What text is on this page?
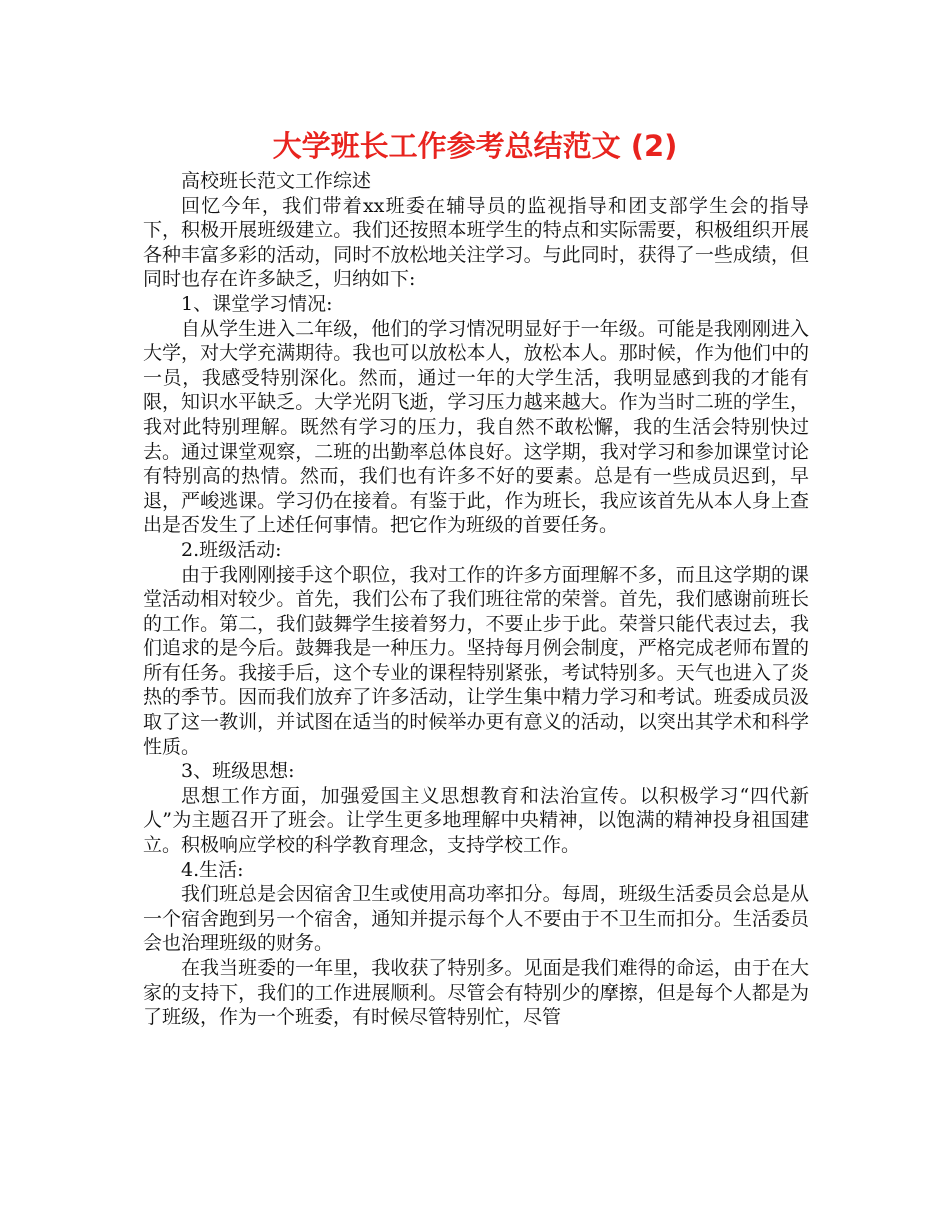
大学班长工作参考总结范文 (2)

高校班长范文工作综述

回忆今年，我们带着xx班委在辅导员的监视指导和团支部学生会的指导下，积极开展班级建立。我们还按照本班学生的特点和实际需要，积极组织开展各种丰富多彩的活动，同时不放松地关注学习。与此同时，获得了一些成绩，但同时也存在许多缺乏，归纳如下:

1、课堂学习情况:

自从学生进入二年级，他们的学习情况明显好于一年级。可能是我刚刚进入大学，对大学充满期待。我也可以放松本人，放松本人。那时候，作为他们中的一员，我感受特别深化。然而，通过一年的大学生活，我明显感到我的才能有限，知识水平缺乏。大学光阴飞逝，学习压力越来越大。作为当时二班的学生，我对此特别理解。既然有学习的压力，我自然不敢松懈，我的生活会特别快过去。通过课堂观察，二班的出勤率总体良好。这学期，我对学习和参加课堂讨论有特别高的热情。然而，我们也有许多不好的要素。总是有一些成员迟到，早退，严峻逃课。学习仍在接着。有鉴于此，作为班长，我应该首先从本人身上查出是否发生了上述任何事情。把它作为班级的首要任务。

2.班级活动:

由于我刚刚接手这个职位，我对工作的许多方面理解不多，而且这学期的课堂活动相对较少。首先，我们公布了我们班往常的荣誉。首先，我们感谢前班长的工作。第二，我们鼓舞学生接着努力，不要止步于此。荣誉只能代表过去，我们追求的是今后。鼓舞我是一种压力。坚持每月例会制度，严格完成老师布置的所有任务。我接手后，这个专业的课程特别紧张，考试特别多。天气也进入了炎热的季节。因而我们放弃了许多活动，让学生集中精力学习和考试。班委成员汲取了这一教训，并试图在适当的时候举办更有意义的活动，以突出其学术和科学性质。

3、班级思想:

思想工作方面，加强爱国主义思想教育和法治宣传。以积极学习“四代新人”为主题召开了班会。让学生更多地理解中央精神，以饱满的精神投身祖国建立。积极响应学校的科学教育理念，支持学校工作。

4.生活:

我们班总是会因宿舍卫生或使用高功率扣分。每周，班级生活委员会总是从一个宿舍跑到另一个宿舍，通知并提示每个人不要由于不卫生而扣分。生活委员会也治理班级的财务。

在我当班委的一年里，我收获了特别多。见面是我们难得的命运，由于在大家的支持下，我们的工作进展顺利。尽管会有特别少的摩擦，但是每个人都是为了班级，作为一个班委，有时候尽管特别忙，尽管
